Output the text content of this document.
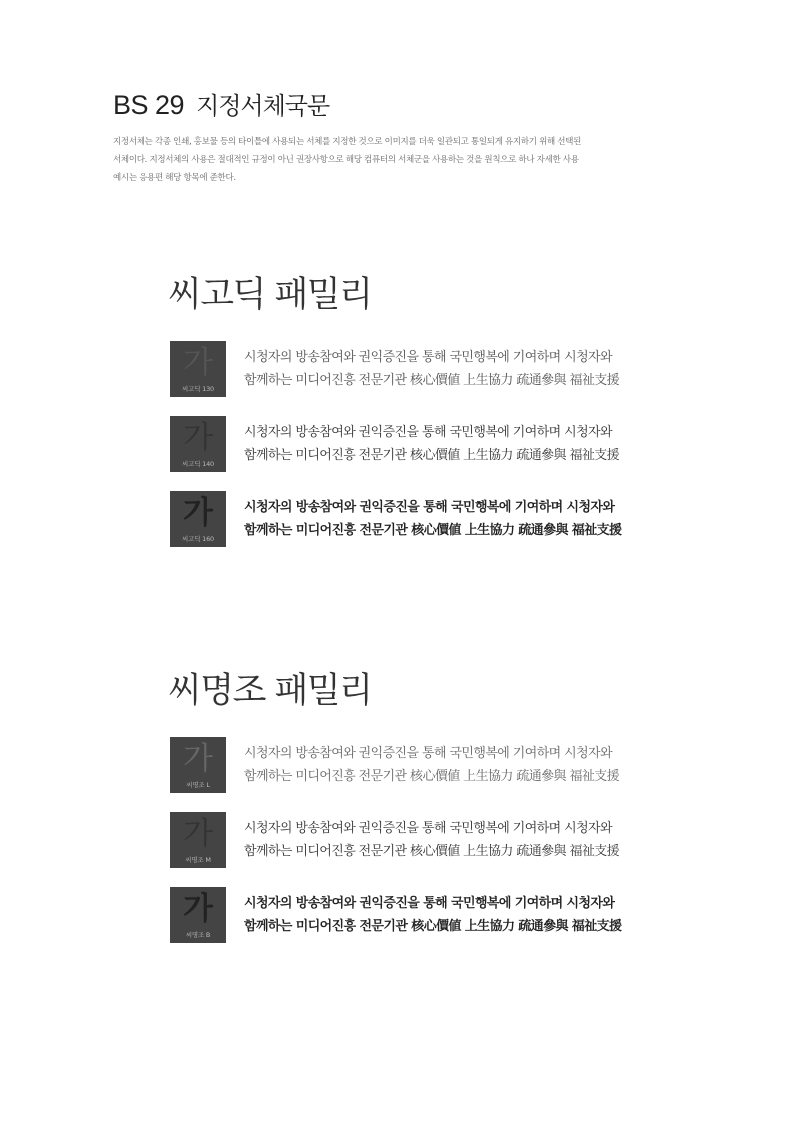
BS 29 지정서체국문
지정서체는 각종 인쇄, 홍보물 등의 타이틀에 사용되는 서체를 지정한 것으로 이미지를 더욱 일관되고 통일되게 유지하기 위해 선택된
서체이다. 지정서체의 사용은 절대적인 규정이 아닌 권장사항으로 해당 컴퓨터의 서체군을 사용하는 것을 원칙으로 하나 자세한 사용
예시는 응용편 해당 항목에 준한다.
씨고딕 패밀리
가
씨고딕 130
시청자의 방송참여와 권익증진을 통해 국민행복에 기여하며 시청자와
함께하는 미디어진흥 전문기관 核心價値 上生協力 疏通參與 福祉支援
가
씨고딕 140
시청자의 방송참여와 권익증진을 통해 국민행복에 기여하며 시청자와
함께하는 미디어진흥 전문기관 核心價値 上生協力 疏通參與 福祉支援
가
씨고딕 160
시청자의 방송참여와 권익증진을 통해 국민행복에 기여하며 시청자와
함께하는 미디어진흥 전문기관 核心價値 上生協力 疏通參與 福祉支援
씨명조 패밀리
가
씨명조 L
시청자의 방송참여와 권익증진을 통해 국민행복에 기여하며 시청자와
함께하는 미디어진흥 전문기관 核心價値 上生協力 疏通參與 福祉支援
가
씨명조 M
시청자의 방송참여와 권익증진을 통해 국민행복에 기여하며 시청자와
함께하는 미디어진흥 전문기관 核心價値 上生協力 疏通參與 福祉支援
가
씨명조 B
시청자의 방송참여와 권익증진을 통해 국민행복에 기여하며 시청자와
함께하는 미디어진흥 전문기관 核心價値 上生協力 疏通參與 福祉支援
